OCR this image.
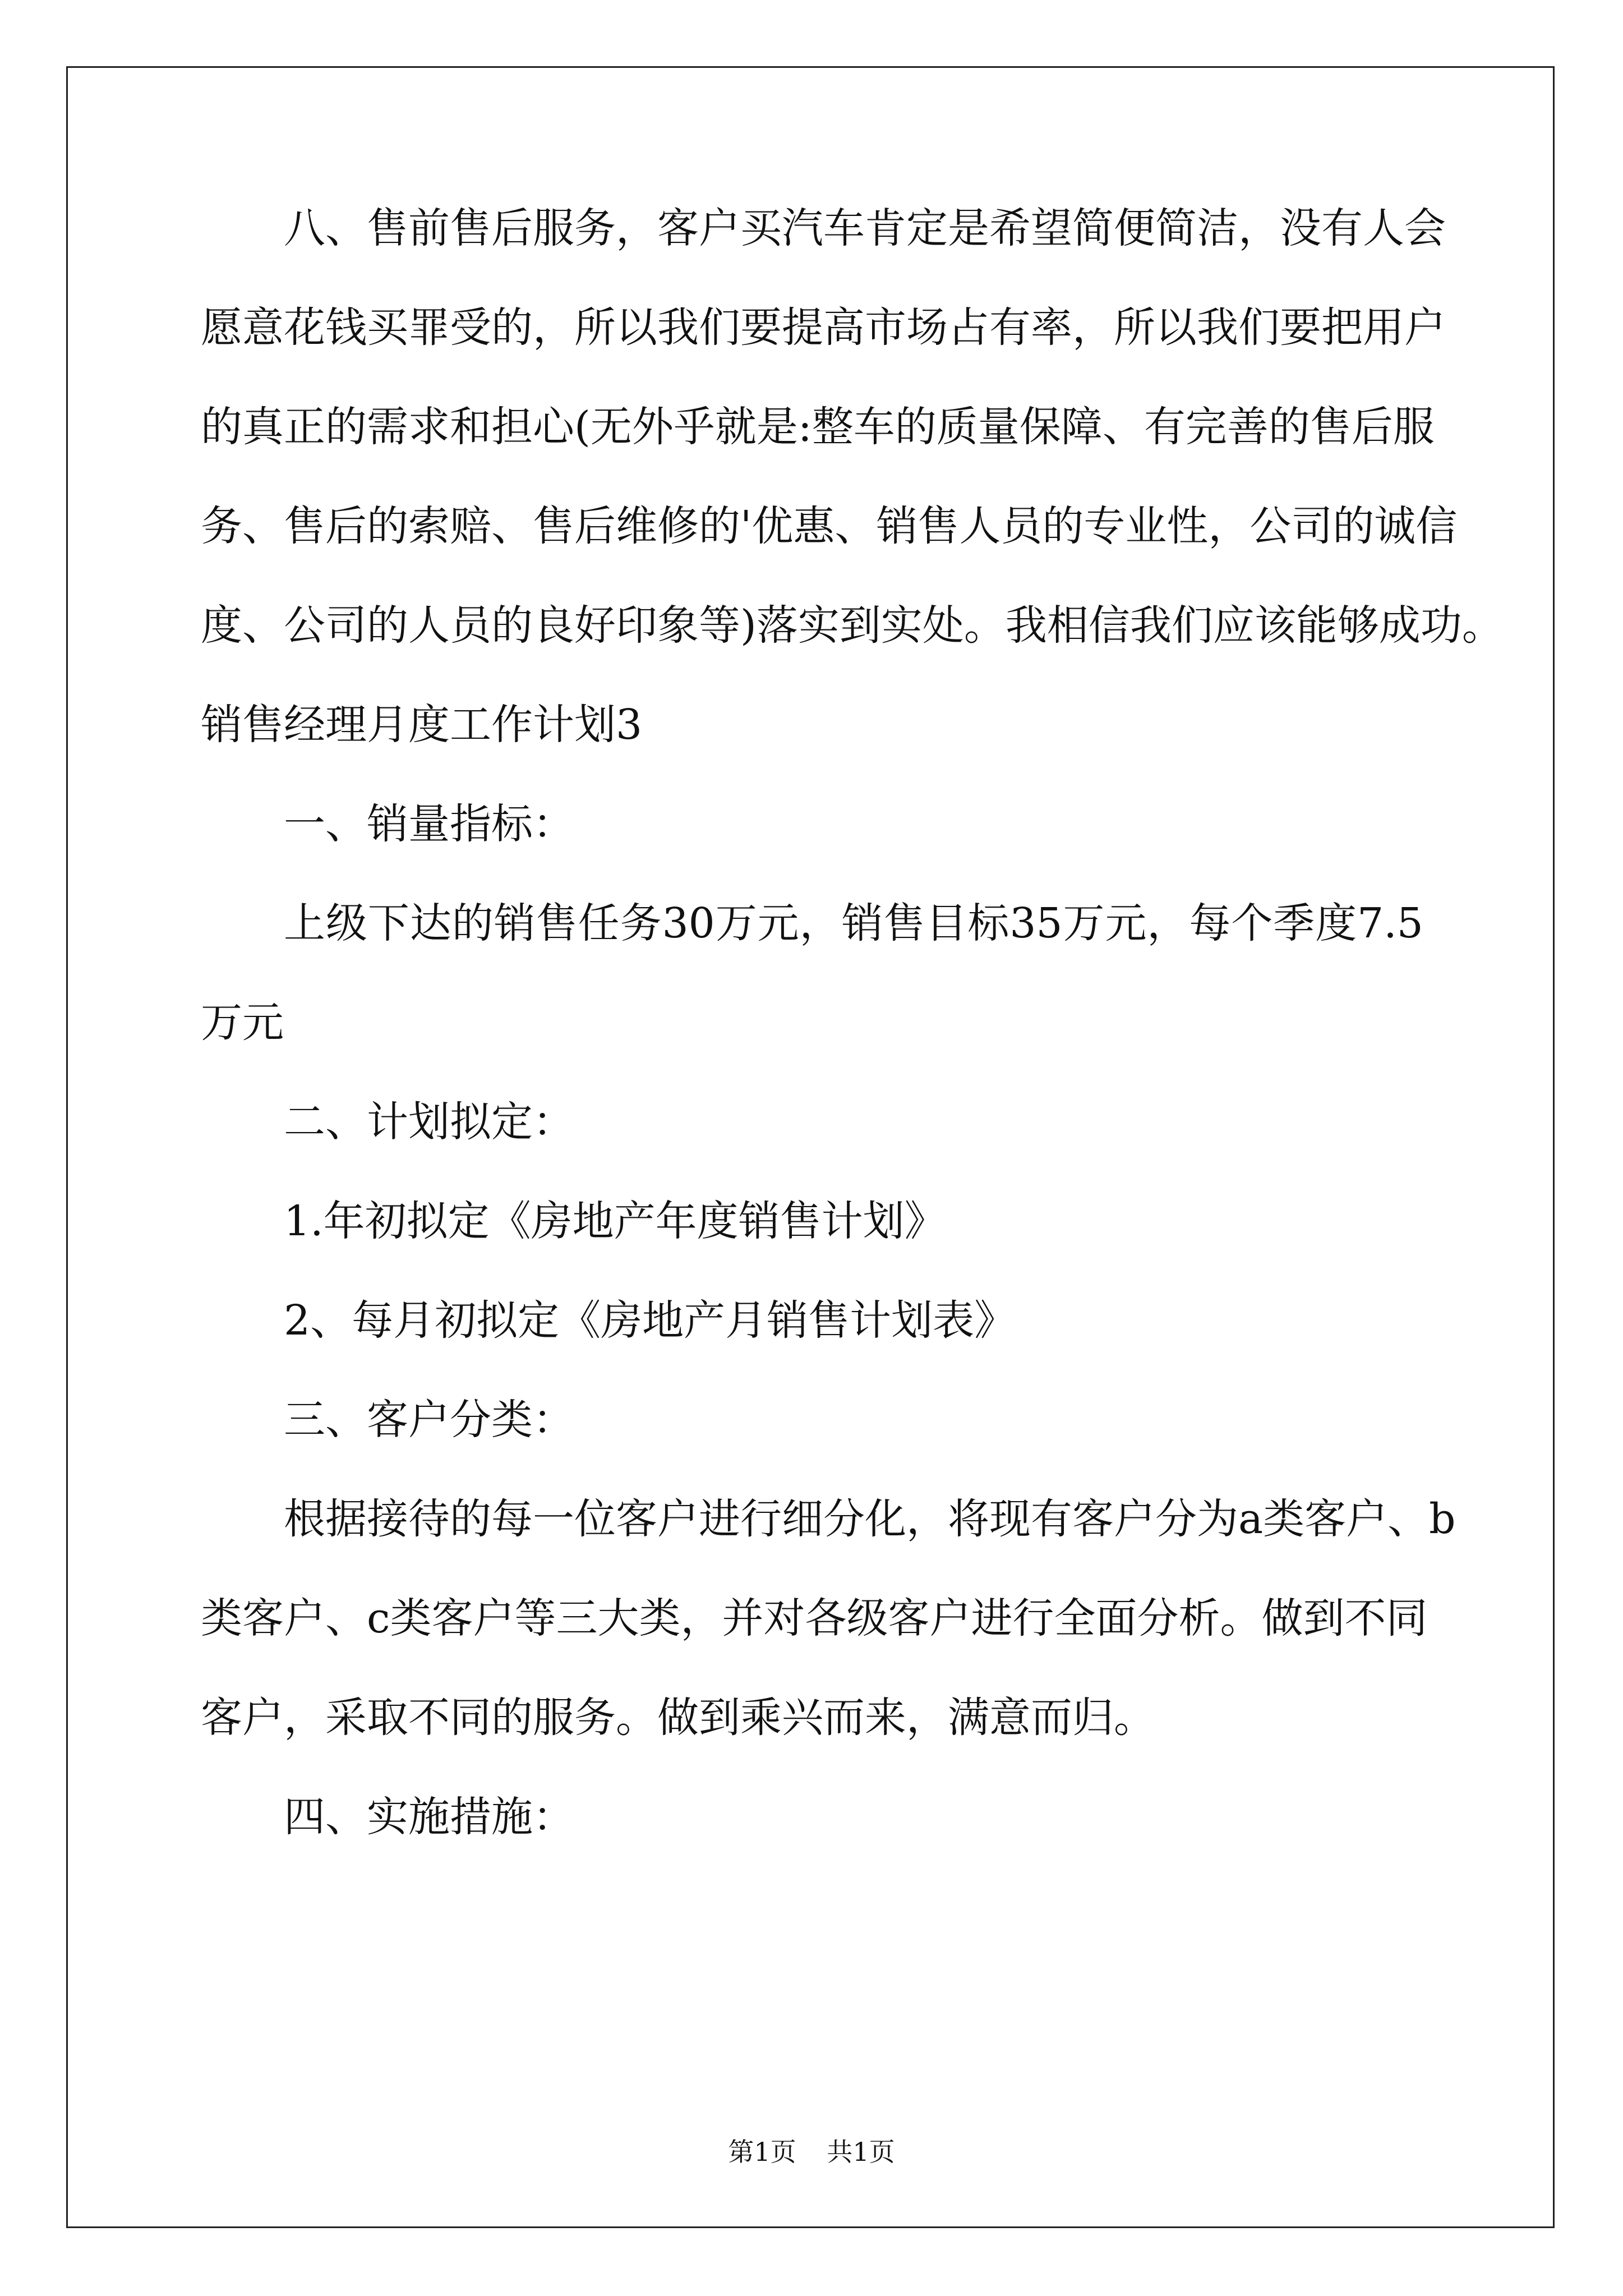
八 、 售 前 售 后 服 务 ， 客 户 买 汽 车 肯 定 是 希 望 简 便 简 洁 ， 没 有 人 会
愿 意 花 钱 买 罪 受 的 ， 所 以 我 们 要 提 高 市 场 占 有 率 ， 所 以 我 们 要 把 用 户
的 真 正 的 需 求 和 担 心 ( 无 外 乎 就 是 : 整 车 的 质 量 保 障 、 有 完 善 的 售 后 服
务 、 售 后 的 索 赔 、 售 后 维 修 的 ' 优 惠 、 销 售 人 员 的 专 业 性 ， 公 司 的 诚 信
度 、 公 司 的 人 员 的 良 好 印 象 等 ) 落 实 到 实 处 。 我 相 信 我 们 应 该 能 够 成 功 。
销售经理月度工作计划3
一、销量指标：
上 级 下 达 的 销 售 任 务 30 万 元 ， 销 售 目 标 35 万 元 ， 每 个 季 度 7.5
万元
二、计划拟定：
1.年初拟定《房地产年度销售计划》
2、每月初拟定《房地产月销售计划表》
三、客户分类：
根 据 接 待 的 每 一 位 客 户 进 行 细 分 化 ， 将 现 有 客 户 分 为 a 类 客 户 、 b
类 客 户 、 c 类 客 户 等 三 大 类 ， 并 对 各 级 客 户 进 行 全 面 分 析 。 做 到 不 同
客户，采取不同的服务。做到乘兴而来，满意而归。
四、实施措施：
第1页 共1页
